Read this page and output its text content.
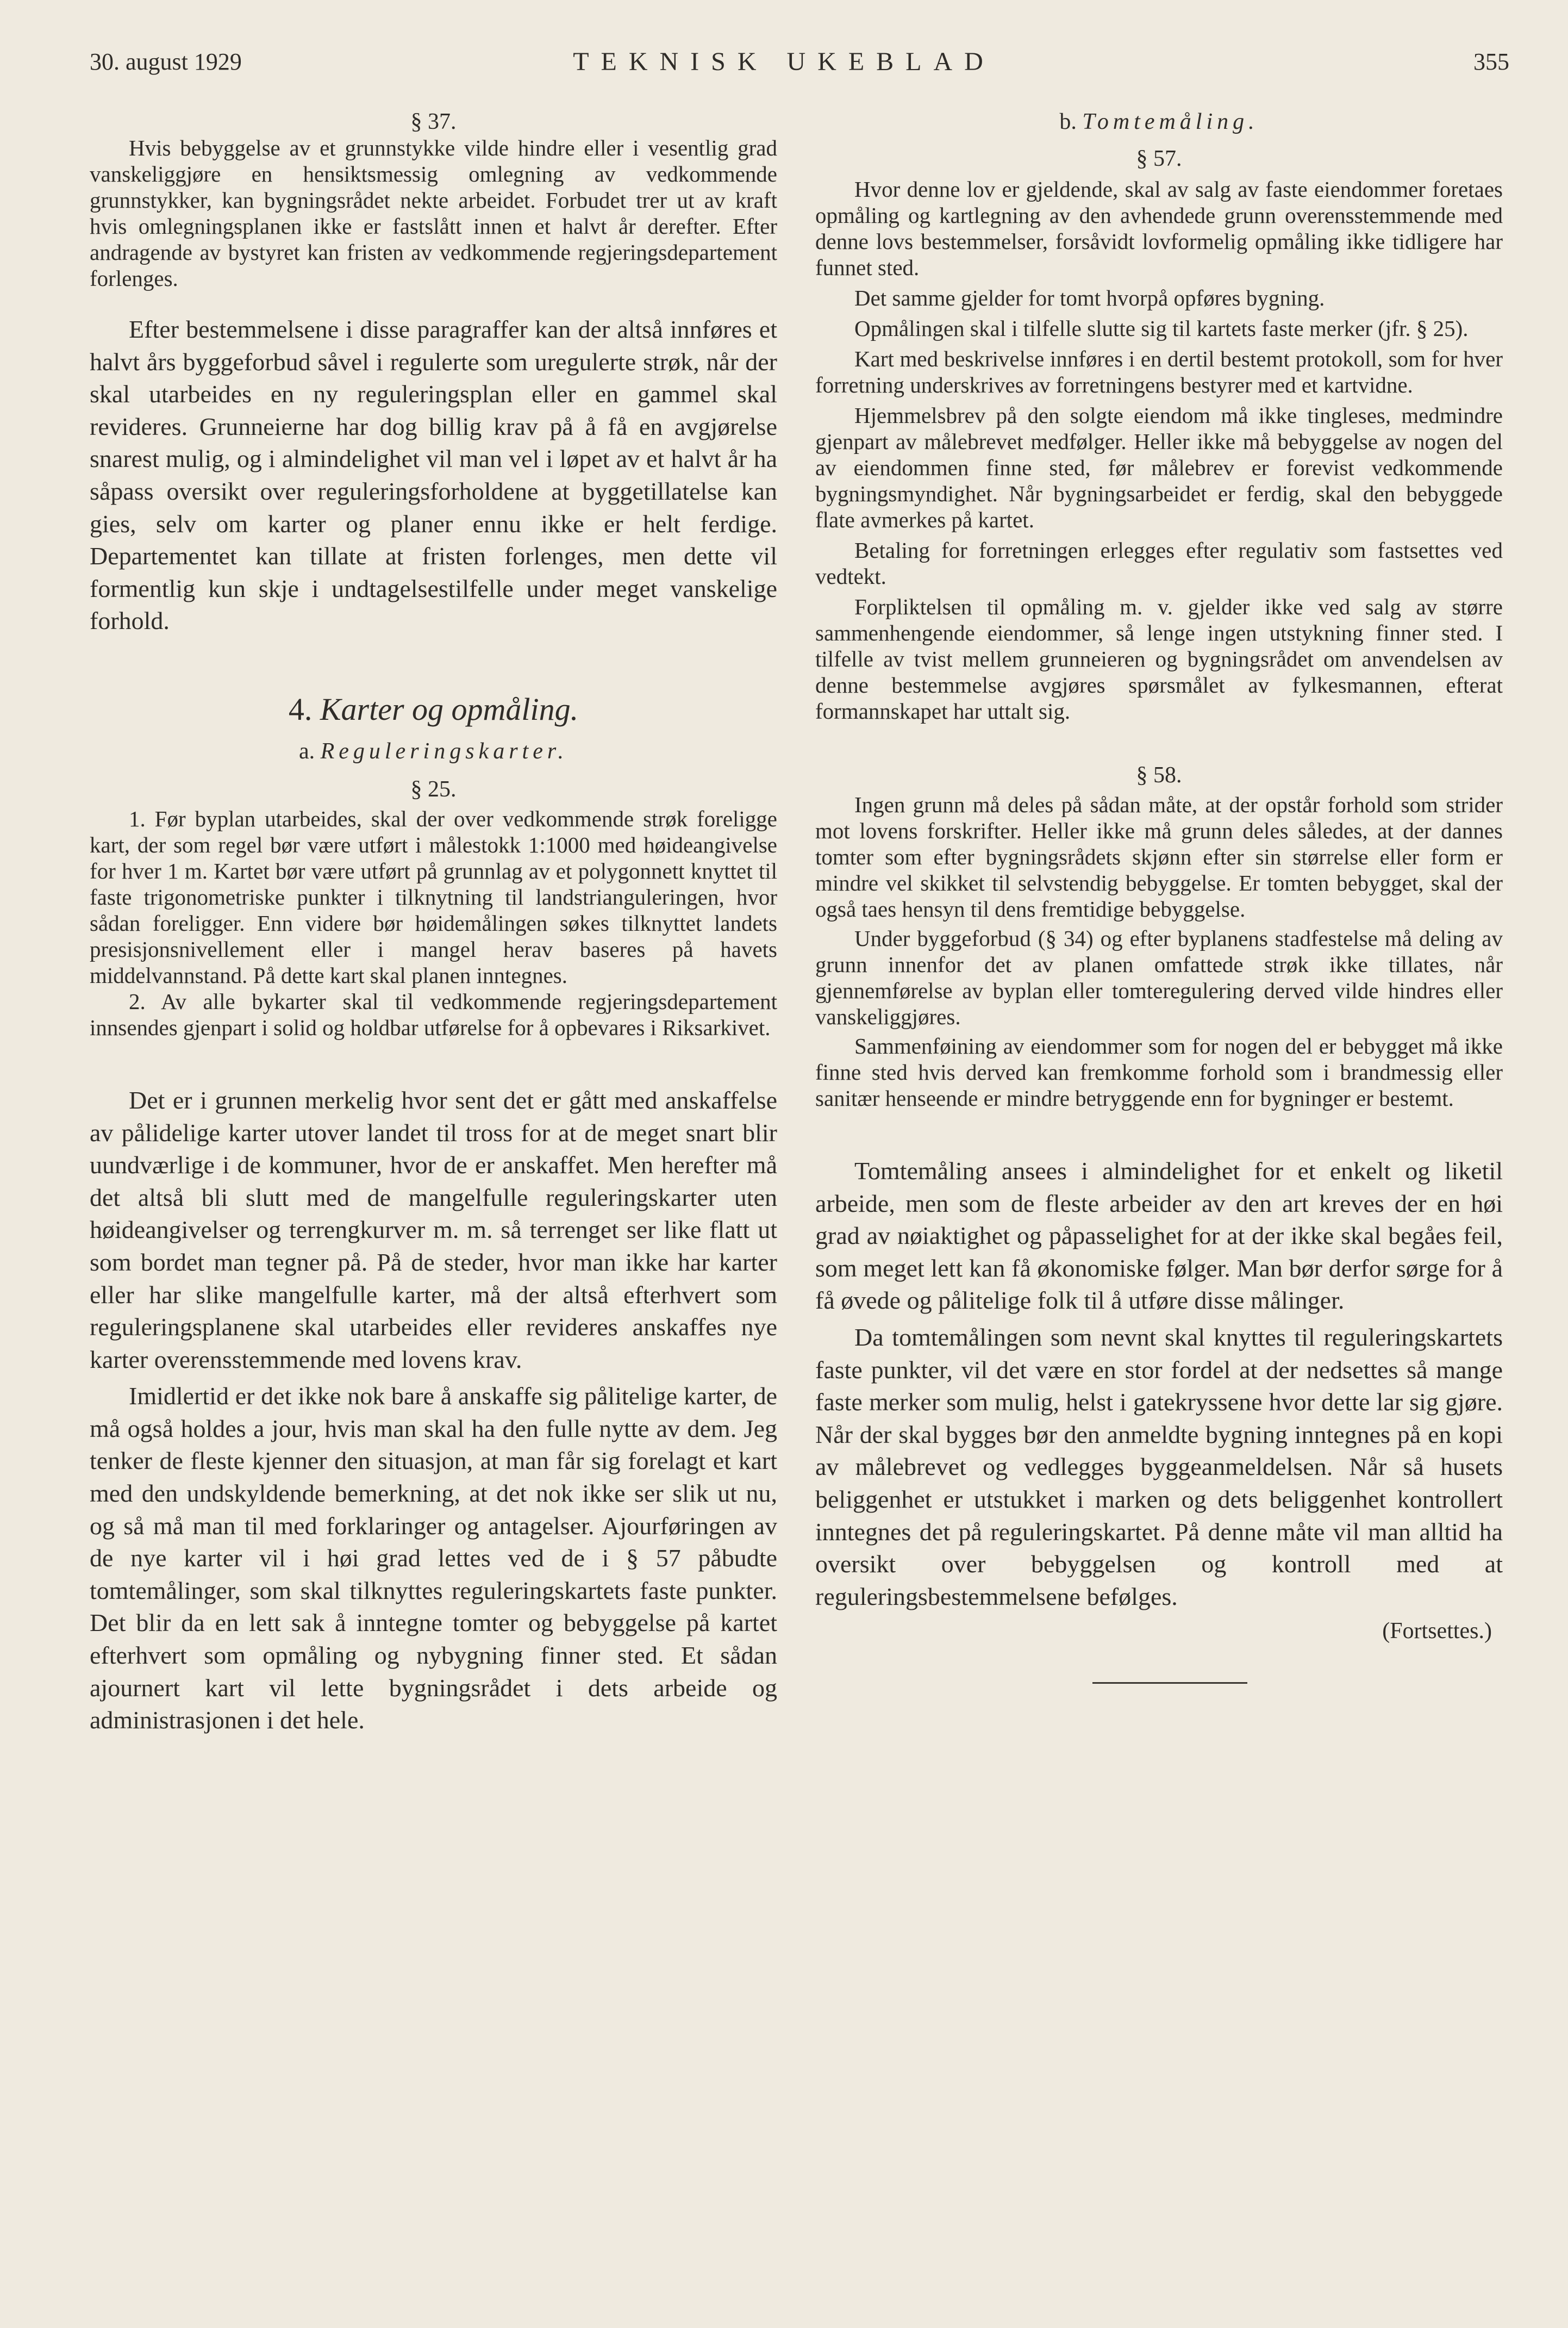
30. august 1929	TEKNISK UKEBLAD	355

§ 37.

Hvis bebyggelse av et grunnstykke vilde hindre eller i vesentlig grad vanskeliggjøre en hensiktsmessig omlegning av vedkommende grunnstykker, kan bygningsrådet nekte arbeidet. Forbudet trer ut av kraft hvis omlegningsplanen ikke er fastslått innen et halvt år derefter. Efter andragende av bystyret kan fristen av vedkommende regjeringsdepartement forlenges.

Efter bestemmelsene i disse paragraffer kan der altså innføres et halvt års byggeforbud såvel i regulerte som uregulerte strøk, når der skal utarbeides en ny reguleringsplan eller en gammel skal revideres. Grunneierne har dog billig krav på å få en avgjørelse snarest mulig, og i almindelighet vil man vel i løpet av et halvt år ha såpass oversikt over reguleringsforholdene at byggetillatelse kan gies, selv om karter og planer ennu ikke er helt ferdige. Departementet kan tillate at fristen forlenges, men dette vil formentlig kun skje i undtagelsestilfelle under meget vanskelige forhold.

4. Karter og opmåling.

a. Reguleringskarter.

§ 25.

1. Før byplan utarbeides, skal der over vedkommende strøk foreligge kart, der som regel bør være utført i målestokk 1:1000 med høideangivelse for hver 1 m. Kartet bør være utført på grunnlag av et polygonnett knyttet til faste trigonometriske punkter i tilknytning til landstrianguleringen, hvor sådan foreligger. Enn videre bør høidemålingen søkes tilknyttet landets presisjonsnivellement eller i mangel herav baseres på havets middelvannstand. På dette kart skal planen inntegnes.

2. Av alle bykarter skal til vedkommende regjeringsdepartement innsendes gjenpart i solid og holdbar utførelse for å opbevares i Riksarkivet.

Det er i grunnen merkelig hvor sent det er gått med anskaffelse av pålidelige karter utover landet til tross for at de meget snart blir uundværlige i de kommuner, hvor de er anskaffet. Men herefter må det altså bli slutt med de mangelfulle reguleringskarter uten høideangivelser og terrengkurver m. m. så terrenget ser like flatt ut som bordet man tegner på. På de steder, hvor man ikke har karter eller har slike mangelfulle karter, må der altså efterhvert som reguleringsplanene skal utarbeides eller revideres anskaffes nye karter overensstemmende med lovens krav.

Imidlertid er det ikke nok bare å anskaffe sig pålitelige karter, de må også holdes a jour, hvis man skal ha den fulle nytte av dem. Jeg tenker de fleste kjenner den situasjon, at man får sig forelagt et kart med den undskyldende bemerkning, at det nok ikke ser slik ut nu, og så må man til med forklaringer og antagelser. Ajourføringen av de nye karter vil i høi grad lettes ved de i § 57 påbudte tomtemålinger, som skal tilknyttes reguleringskartets faste punkter. Det blir da en lett sak å inntegne tomter og bebyggelse på kartet efterhvert som opmåling og nybygning finner sted. Et sådan ajournert kart vil lette bygningsrådet i dets arbeide og administrasjonen i det hele.

b. Tomtemåling.

§ 57.

Hvor denne lov er gjeldende, skal av salg av faste eiendommer foretaes opmåling og kartlegning av den avhendede grunn overensstemmende med denne lovs bestemmelser, forsåvidt lovformelig opmåling ikke tidligere har funnet sted.

Det samme gjelder for tomt hvorpå opføres bygning.

Opmålingen skal i tilfelle slutte sig til kartets faste merker (jfr. § 25).

Kart med beskrivelse innføres i en dertil bestemt protokoll, som for hver forretning underskrives av forretningens bestyrer med et kartvidne.

Hjemmelsbrev på den solgte eiendom må ikke tingleses, medmindre gjenpart av målebrevet medfølger. Heller ikke må bebyggelse av nogen del av eiendommen finne sted, før målebrev er forevist vedkommende bygningsmyndighet. Når bygningsarbeidet er ferdig, skal den bebyggede flate avmerkes på kartet.

Betaling for forretningen erlegges efter regulativ som fastsettes ved vedtekt.

Forpliktelsen til opmåling m. v. gjelder ikke ved salg av større sammenhengende eiendommer, så lenge ingen utstykning finner sted. I tilfelle av tvist mellem grunneieren og bygningsrådet om anvendelsen av denne bestemmelse avgjøres spørsmålet av fylkesmannen, efterat formannskapet har uttalt sig.

§ 58.

Ingen grunn må deles på sådan måte, at der opstår forhold som strider mot lovens forskrifter. Heller ikke må grunn deles således, at der dannes tomter som efter bygningsrådets skjønn efter sin størrelse eller form er mindre vel skikket til selvstendig bebyggelse. Er tomten bebygget, skal der også taes hensyn til dens fremtidige bebyggelse.

Under byggeforbud (§ 34) og efter byplanens stadfestelse må deling av grunn innenfor det av planen omfattede strøk ikke tillates, når gjennemførelse av byplan eller tomteregulering derved vilde hindres eller vanskeliggjøres.

Sammenføining av eiendommer som for nogen del er bebygget må ikke finne sted hvis derved kan fremkomme forhold som i brandmessig eller sanitær henseende er mindre betryggende enn for bygninger er bestemt.

Tomtemåling ansees i almindelighet for et enkelt og liketil arbeide, men som de fleste arbeider av den art kreves der en høi grad av nøiaktighet og påpasselighet for at der ikke skal begåes feil, som meget lett kan få økonomiske følger. Man bør derfor sørge for å få øvede og pålitelige folk til å utføre disse målinger.

Da tomtemålingen som nevnt skal knyttes til reguleringskartets faste punkter, vil det være en stor fordel at der nedsettes så mange faste merker som mulig, helst i gatekryssene hvor dette lar sig gjøre. Når der skal bygges bør den anmeldte bygning inntegnes på en kopi av målebrevet og vedlegges byggeanmeldelsen. Når så husets beliggenhet er utstukket i marken og dets beliggenhet kontrollert inntegnes det på reguleringskartet. På denne måte vil man alltid ha oversikt over bebyggelsen og kontroll med at reguleringsbestemmelsene befølges.

(Fortsettes.)
